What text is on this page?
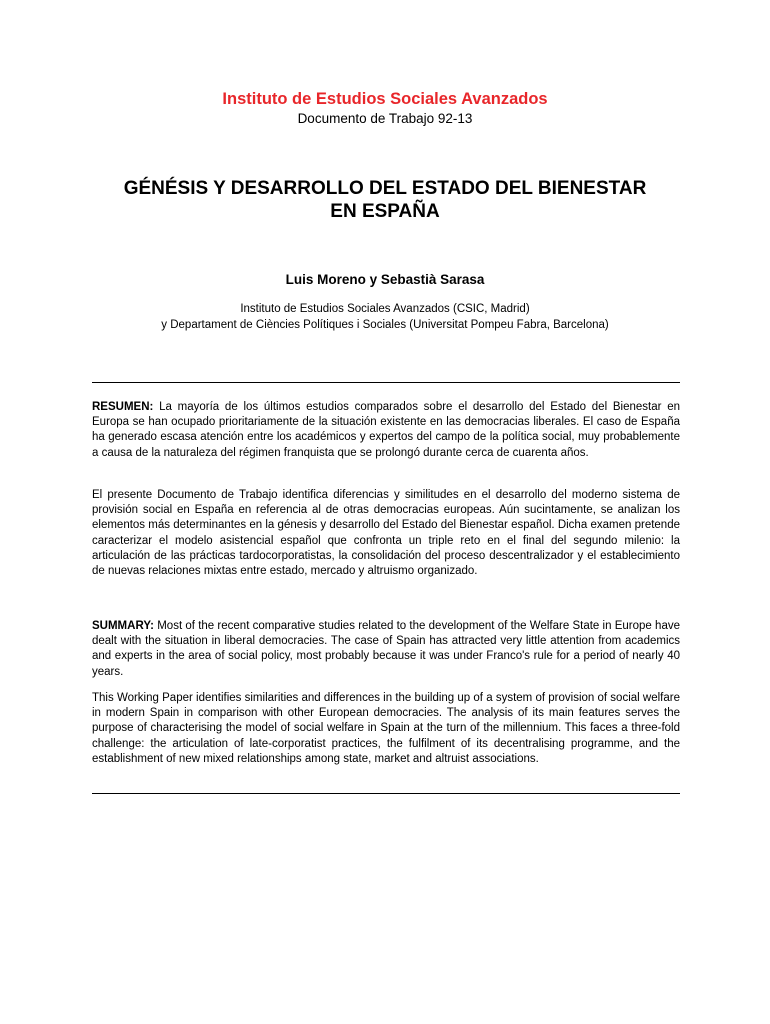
Instituto de Estudios Sociales Avanzados
Documento de Trabajo 92-13
GÉNÉSIS Y DESARROLLO DEL ESTADO DEL BIENESTAR
EN ESPAÑA
Luis Moreno y Sebastià Sarasa
Instituto de Estudios Sociales Avanzados (CSIC, Madrid)
y Departament de Ciències Polítiques i Sociales (Universitat Pompeu Fabra, Barcelona)

RESUMEN: La mayoría de los últimos estudios comparados sobre el desarrollo del Estado del Bienestar en Europa se han ocupado prioritariamente de la situación existente en las democracias liberales. El caso de España ha generado escasa atención entre los académicos y expertos del campo de la política social, muy probablemente a causa de la naturaleza del régimen franquista que se prolongó durante cerca de cuarenta años.

El presente Documento de Trabajo identifica diferencias y similitudes en el desarrollo del moderno sistema de provisión social en España en referencia al de otras democracias europeas. Aún sucintamente, se analizan los elementos más determinantes en la génesis y desarrollo del Estado del Bienestar español. Dicha examen pretende caracterizar el modelo asistencial español que confronta un triple reto en el final del segundo milenio: la articulación de las prácticas tardocorporatistas, la consolidación del proceso descentralizador y el establecimiento de nuevas relaciones mixtas entre estado, mercado y altruismo organizado.

SUMMARY: Most of the recent comparative studies related to the development of the Welfare State in Europe have dealt with the situation in liberal democracies. The case of Spain has attracted very little attention from academics and experts in the area of social policy, most probably because it was under Franco's rule for a period of nearly 40 years.

This Working Paper identifies similarities and differences in the building up of a system of provision of social welfare in modern Spain in comparison with other European democracies. The analysis of its main features serves the purpose of characterising the model of social welfare in Spain at the turn of the millennium. This faces a three-fold challenge: the articulation of late-corporatist practices, the fulfilment of its decentralising programme, and the establishment of new mixed relationships among state, market and altruist associations.
